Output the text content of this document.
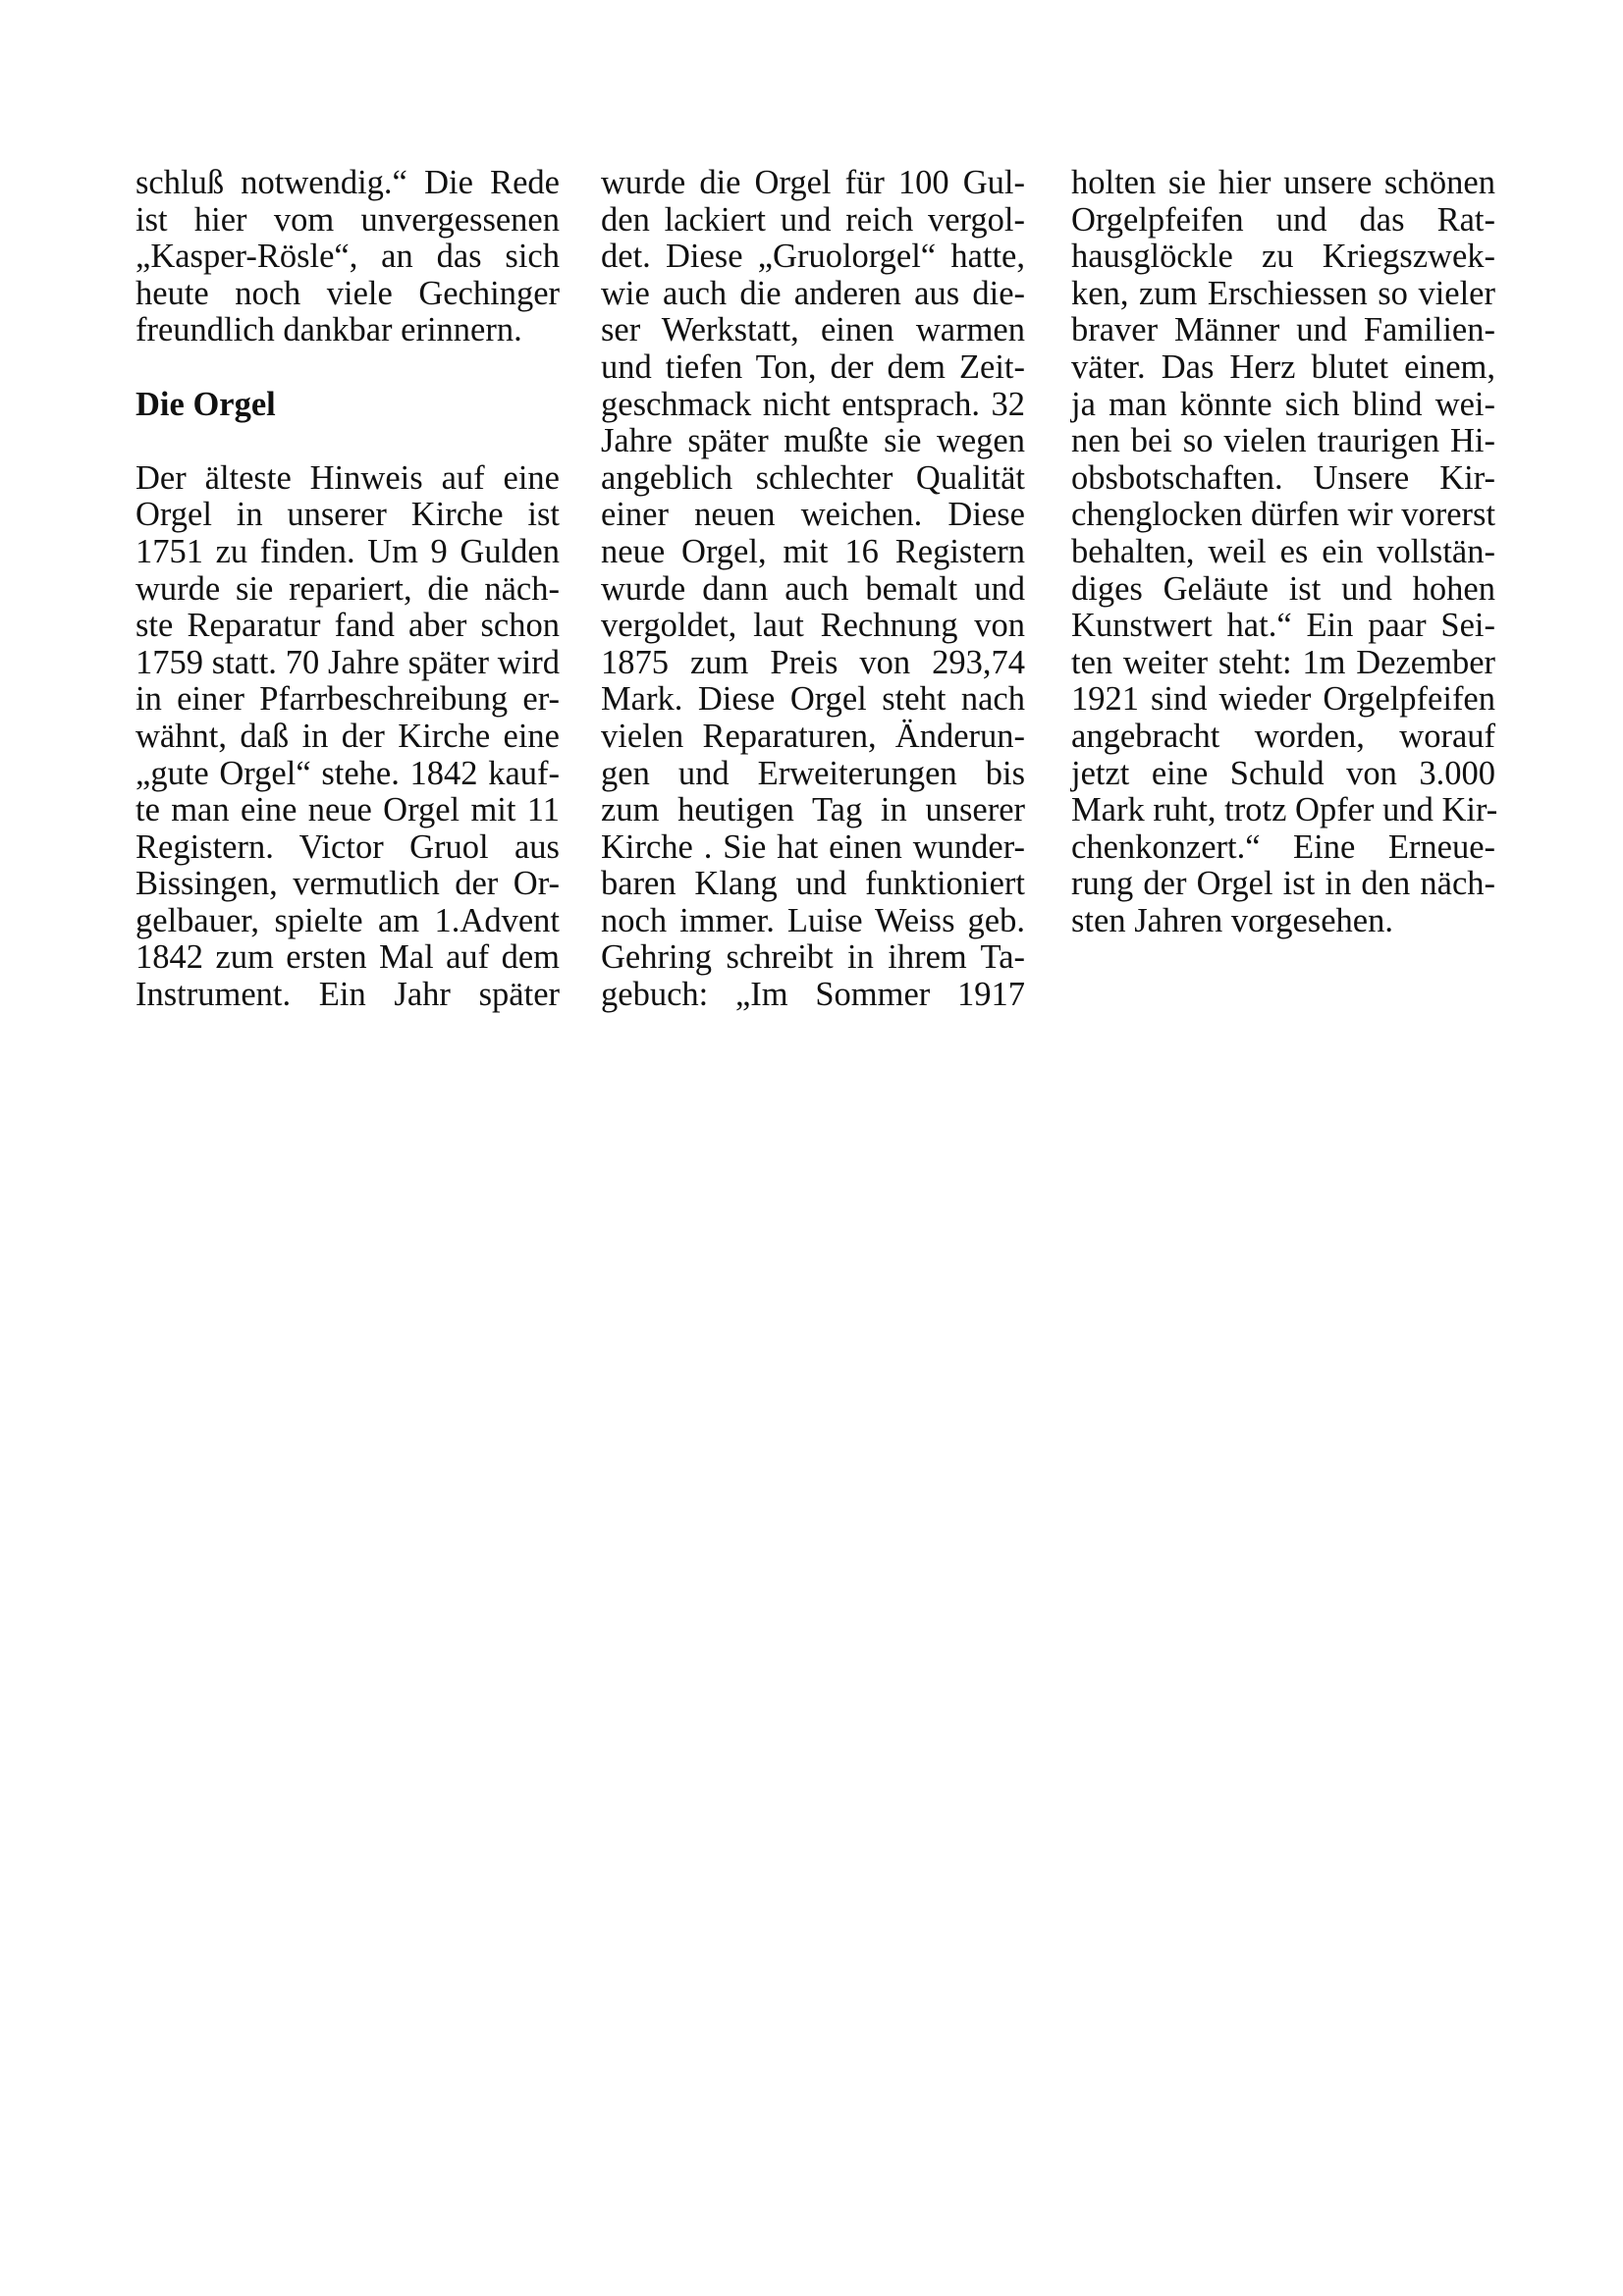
schluß notwendig.“ Die Rede
ist hier vom unvergessenen
„Kasper-Rösle“, an das sich
heute noch viele Gechinger
freundlich dankbar erinnern.
Die Orgel
Der älteste Hinweis auf eine
Orgel in unserer Kirche ist
1751 zu finden. Um 9 Gulden
wurde sie repariert, die näch-
ste Reparatur fand aber schon
1759 statt. 70 Jahre später wird
in einer Pfarrbeschreibung er-
wähnt, daß in der Kirche eine
„gute Orgel“ stehe. 1842 kauf-
te man eine neue Orgel mit 11
Registern. Victor Gruol aus
Bissingen, vermutlich der Or-
gelbauer, spielte am 1.Advent
1842 zum ersten Mal auf dem
Instrument. Ein Jahr später
wurde die Orgel für 100 Gul-
den lackiert und reich vergol-
det. Diese „Gruolorgel“ hatte,
wie auch die anderen aus die-
ser Werkstatt, einen warmen
und tiefen Ton, der dem Zeit-
geschmack nicht entsprach. 32
Jahre später mußte sie wegen
angeblich schlechter Qualität
einer neuen weichen. Diese
neue Orgel, mit 16 Registern
wurde dann auch bemalt und
vergoldet, laut Rechnung von
1875 zum Preis von 293,74
Mark. Diese Orgel steht nach
vielen Reparaturen, Änderun-
gen und Erweiterungen bis
zum heutigen Tag in unserer
Kirche . Sie hat einen wunder-
baren Klang und funktioniert
noch immer. Luise Weiss geb.
Gehring schreibt in ihrem Ta-
gebuch: „Im Sommer 1917
holten sie hier unsere schönen
Orgelpfeifen und das Rat-
hausglöckle zu Kriegszwek-
ken, zum Erschiessen so vieler
braver Männer und Familien-
väter. Das Herz blutet einem,
ja man könnte sich blind wei-
nen bei so vielen traurigen Hi-
obsbotschaften. Unsere Kir-
chenglocken dürfen wir vorerst
behalten, weil es ein vollstän-
diges Geläute ist und hohen
Kunstwert hat.“ Ein paar Sei-
ten weiter steht: 1m Dezember
1921 sind wieder Orgelpfeifen
angebracht worden, worauf
jetzt eine Schuld von 3.000
Mark ruht, trotz Opfer und Kir-
chenkonzert.“ Eine Erneue-
rung der Orgel ist in den näch-
sten Jahren vorgesehen.
